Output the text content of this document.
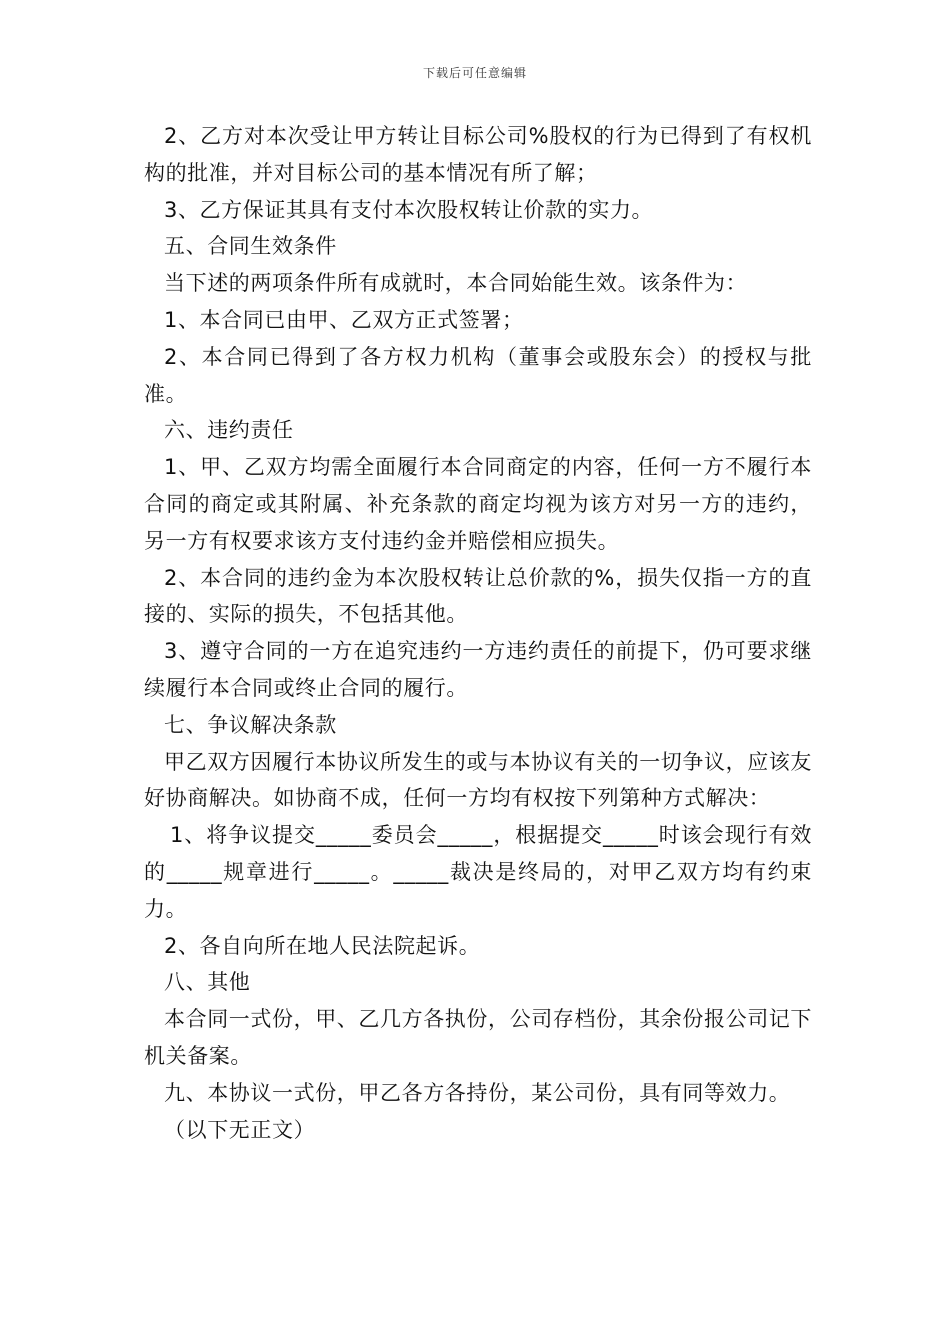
下载后可任意编辑

2、乙方对本次受让甲方转让目标公司%股权的行为已得到了有权机构的批准，并对目标公司的基本情况有所了解；

3、乙方保证其具有支付本次股权转让价款的实力。

五、合同生效条件

当下述的两项条件所有成就时，本合同始能生效。该条件为：

1、本合同已由甲、乙双方正式签署；

2、本合同已得到了各方权力机构（董事会或股东会）的授权与批准。

六、违约责任

1、甲、乙双方均需全面履行本合同商定的内容，任何一方不履行本合同的商定或其附属、补充条款的商定均视为该方对另一方的违约，另一方有权要求该方支付违约金并赔偿相应损失。

2、本合同的违约金为本次股权转让总价款的%，损失仅指一方的直接的、实际的损失，不包括其他。

3、遵守合同的一方在追究违约一方违约责任的前提下，仍可要求继续履行本合同或终止合同的履行。

七、争议解决条款

甲乙双方因履行本协议所发生的或与本协议有关的一切争议，应该友好协商解决。如协商不成，任何一方均有权按下列第种方式解决：

1、将争议提交_____委员会_____，根据提交_____时该会现行有效的_____规章进行_____。_____裁决是终局的，对甲乙双方均有约束力。

2、各自向所在地人民法院起诉。

八、其他

本合同一式份，甲、乙几方各执份，公司存档份，其余份报公司记下机关备案。

九、本协议一式份，甲乙各方各持份，某公司份，具有同等效力。

（以下无正文）
